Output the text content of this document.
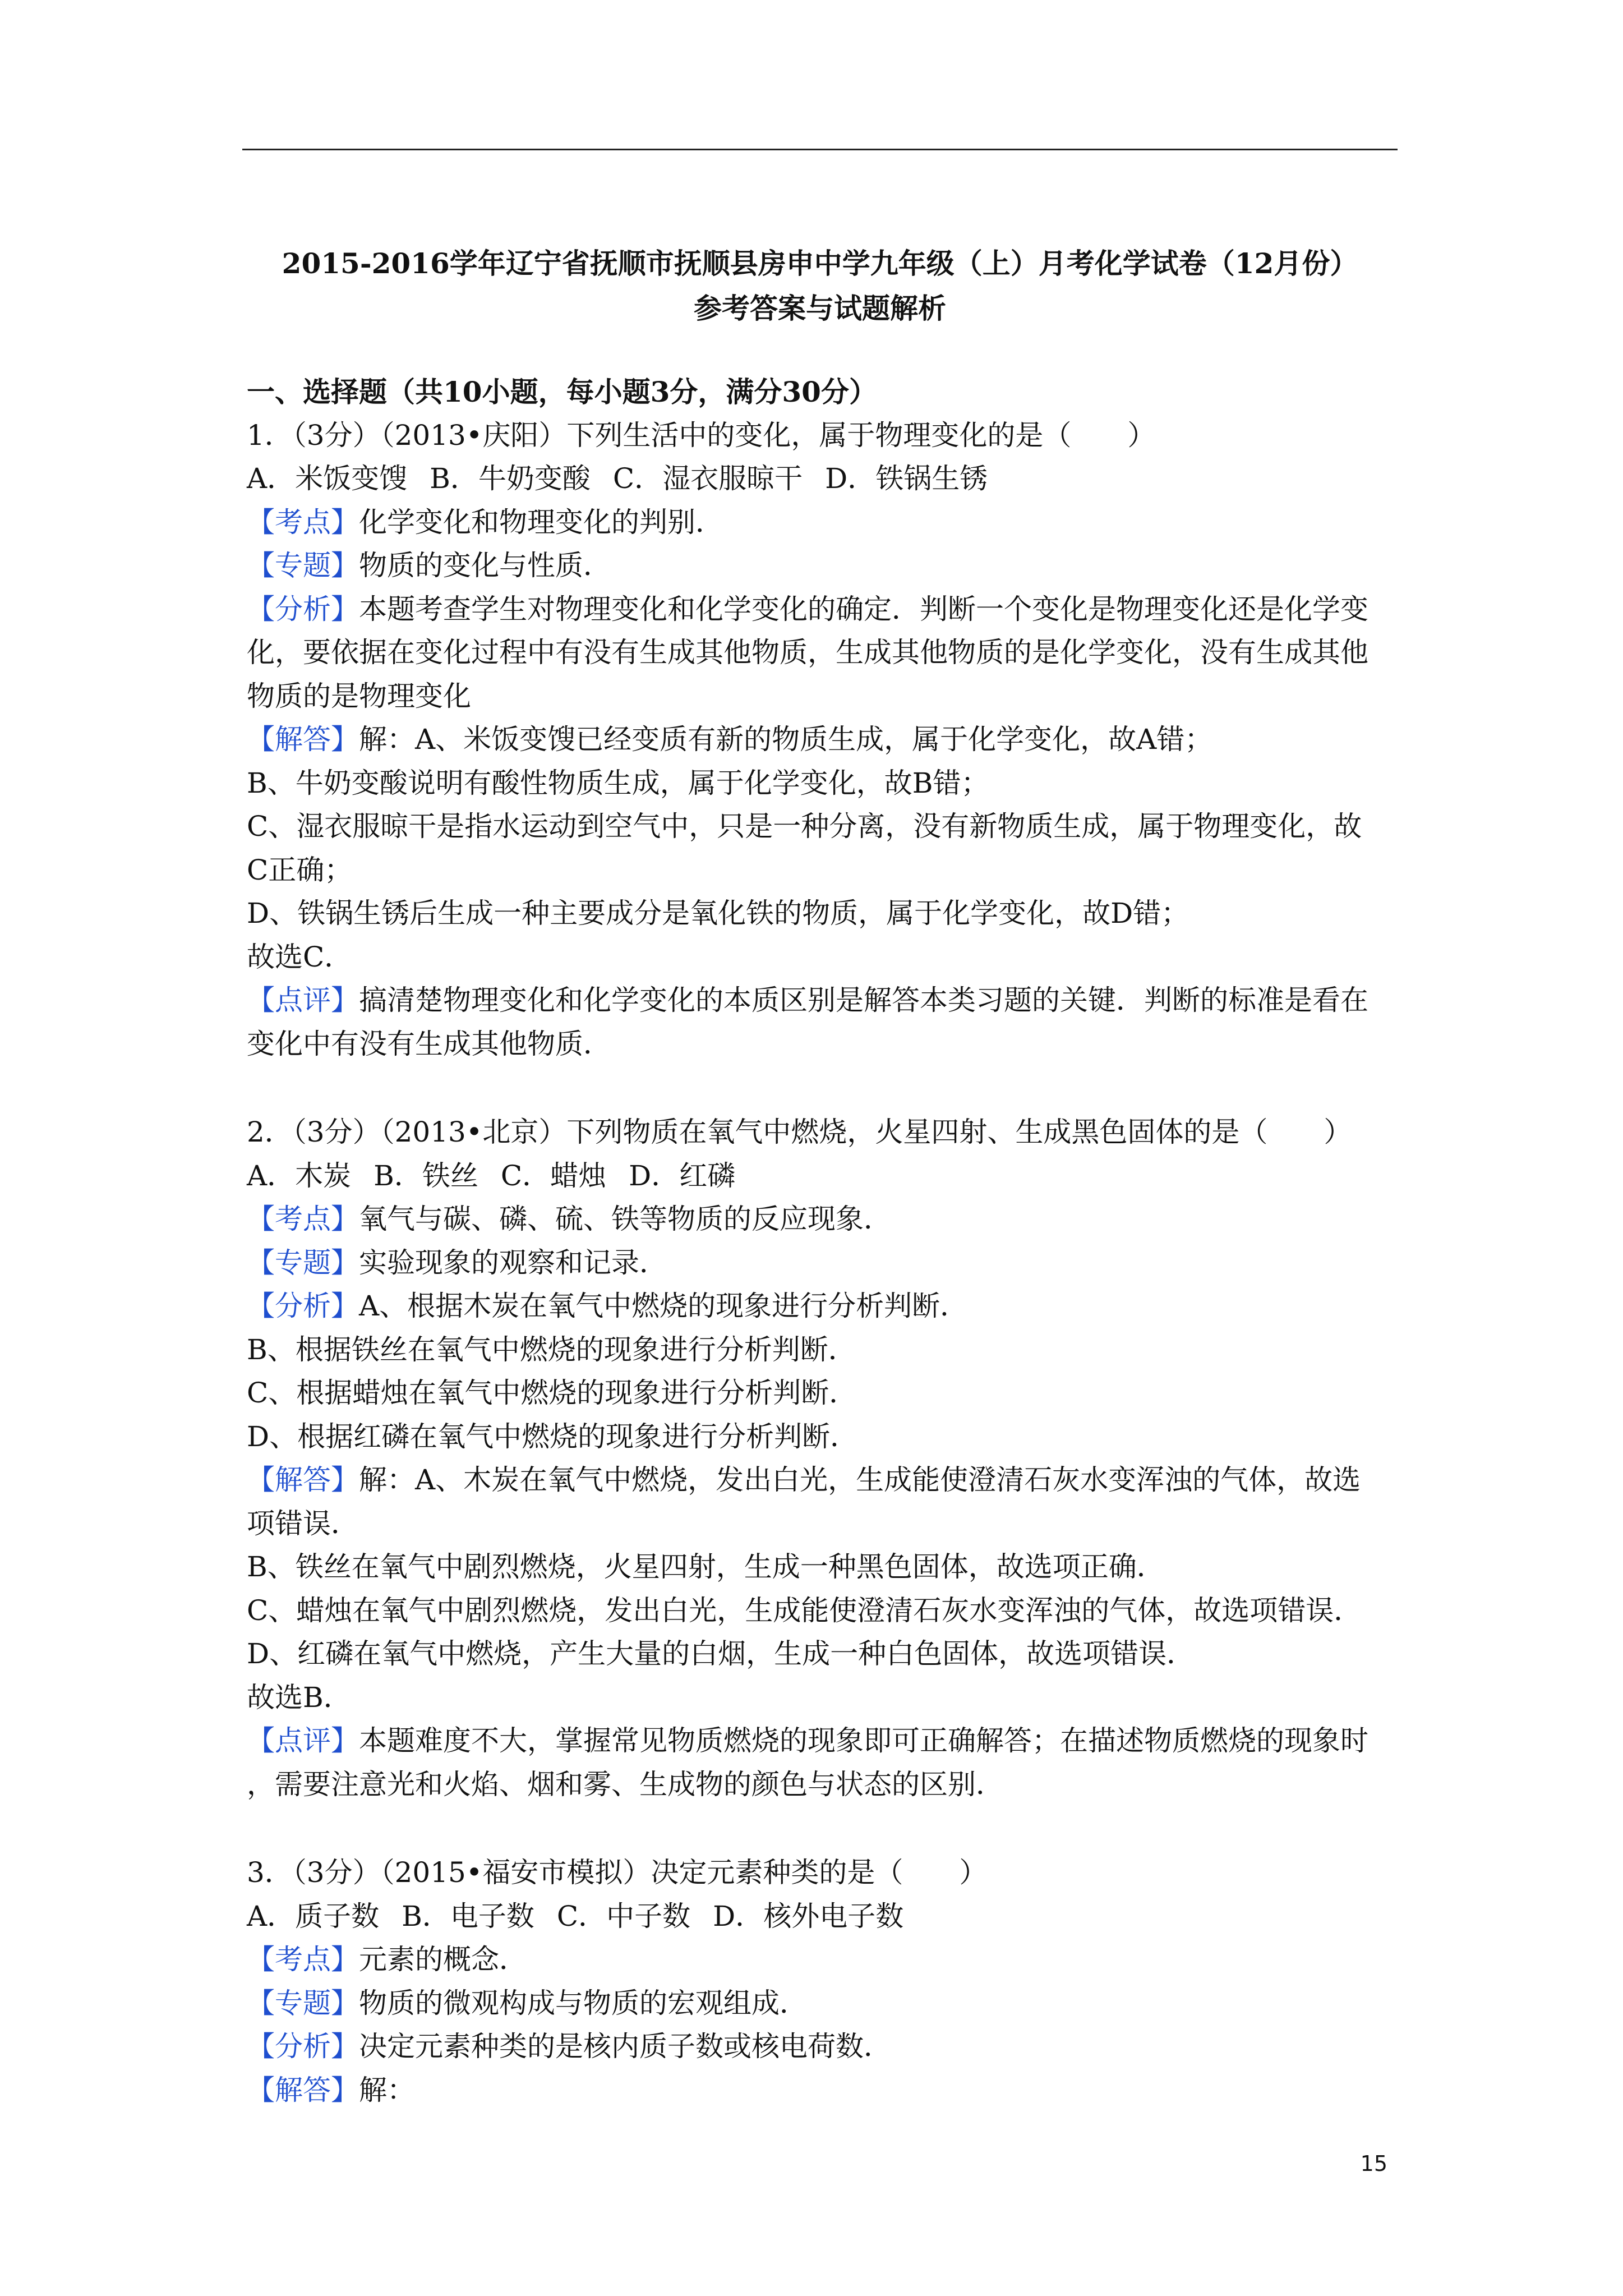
2015-2016学年辽宁省抚顺市抚顺县房申中学九年级（上）月考化学试卷（12月份）
参考答案与试题解析
一、选择题（共10小题，每小题3分，满分30分）
1．（3分）（2013•庆阳）下列生活中的变化，属于物理变化的是（　　）
A．米饭变馊 B．牛奶变酸 C．湿衣服晾干 D．铁锅生锈
【考点】化学变化和物理变化的判别．
【专题】物质的变化与性质．
【分析】本题考查学生对物理变化和化学变化的确定．判断一个变化是物理变化还是化学变
化，要依据在变化过程中有没有生成其他物质，生成其他物质的是化学变化，没有生成其他
物质的是物理变化
【解答】解：A、米饭变馊已经变质有新的物质生成，属于化学变化，故A错；
B、牛奶变酸说明有酸性物质生成，属于化学变化，故B错；
C、湿衣服晾干是指水运动到空气中，只是一种分离，没有新物质生成，属于物理变化，故
C正确；
D、铁锅生锈后生成一种主要成分是氧化铁的物质，属于化学变化，故D错；
故选C．
【点评】搞清楚物理变化和化学变化的本质区别是解答本类习题的关键．判断的标准是看在
变化中有没有生成其他物质．
2．（3分）（2013•北京）下列物质在氧气中燃烧，火星四射、生成黑色固体的是（　　）
A．木炭 B．铁丝 C．蜡烛 D．红磷
【考点】氧气与碳、磷、硫、铁等物质的反应现象．
【专题】实验现象的观察和记录．
【分析】A、根据木炭在氧气中燃烧的现象进行分析判断．
B、根据铁丝在氧气中燃烧的现象进行分析判断．
C、根据蜡烛在氧气中燃烧的现象进行分析判断．
D、根据红磷在氧气中燃烧的现象进行分析判断．
【解答】解：A、木炭在氧气中燃烧，发出白光，生成能使澄清石灰水变浑浊的气体，故选
项错误．
B、铁丝在氧气中剧烈燃烧，火星四射，生成一种黑色固体，故选项正确．
C、蜡烛在氧气中剧烈燃烧，发出白光，生成能使澄清石灰水变浑浊的气体，故选项错误．
D、红磷在氧气中燃烧，产生大量的白烟，生成一种白色固体，故选项错误．
故选B．
【点评】本题难度不大，掌握常见物质燃烧的现象即可正确解答；在描述物质燃烧的现象时
，需要注意光和火焰、烟和雾、生成物的颜色与状态的区别．
3．（3分）（2015•福安市模拟）决定元素种类的是（　　）
A．质子数 B．电子数 C．中子数 D．核外电子数
【考点】元素的概念．
【专题】物质的微观构成与物质的宏观组成．
【分析】决定元素种类的是核内质子数或核电荷数．
【解答】解：
15
